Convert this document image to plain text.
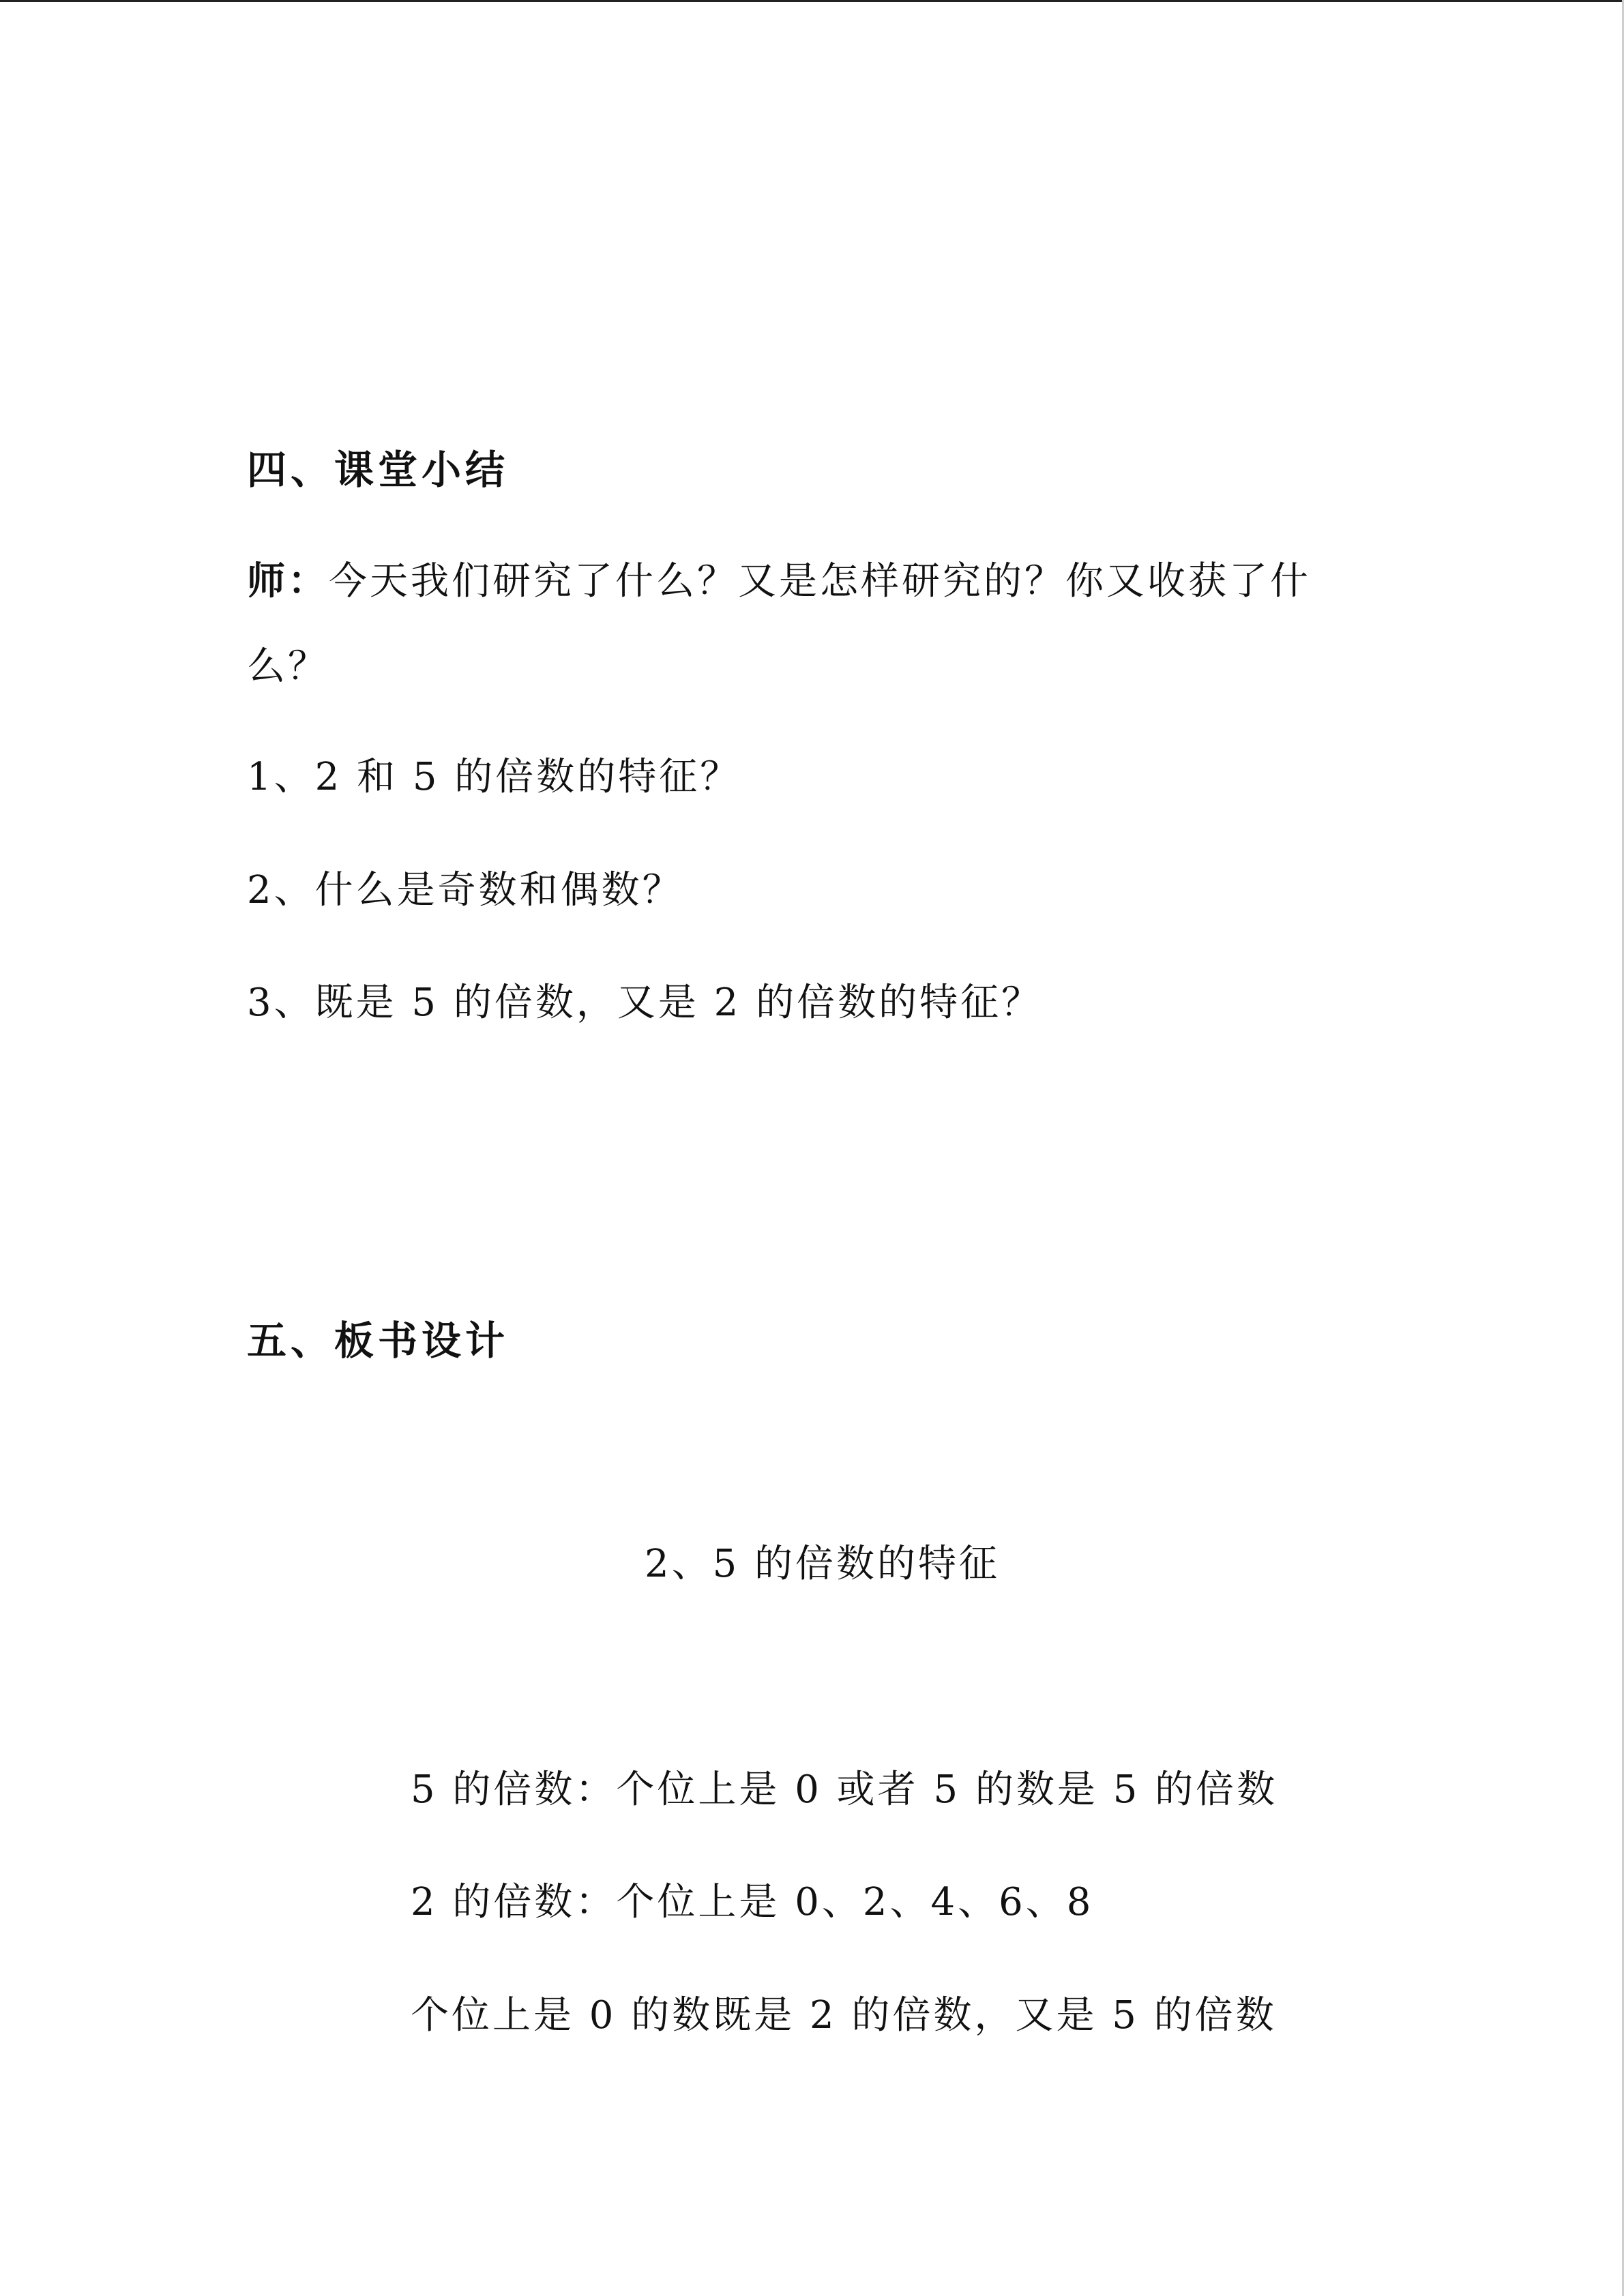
四、课堂小结
师：今天我们研究了什么？又是怎样研究的？你又收获了什
么？
1、2 和 5 的倍数的特征？
2、什么是奇数和偶数？
3、既是 5 的倍数，又是 2 的倍数的特征？
五、板书设计
2、5 的倍数的特征
5 的倍数：个位上是 0 或者 5 的数是 5 的倍数
2 的倍数：个位上是 0、2、4、6、8
个位上是 0 的数既是 2 的倍数，又是 5 的倍数
